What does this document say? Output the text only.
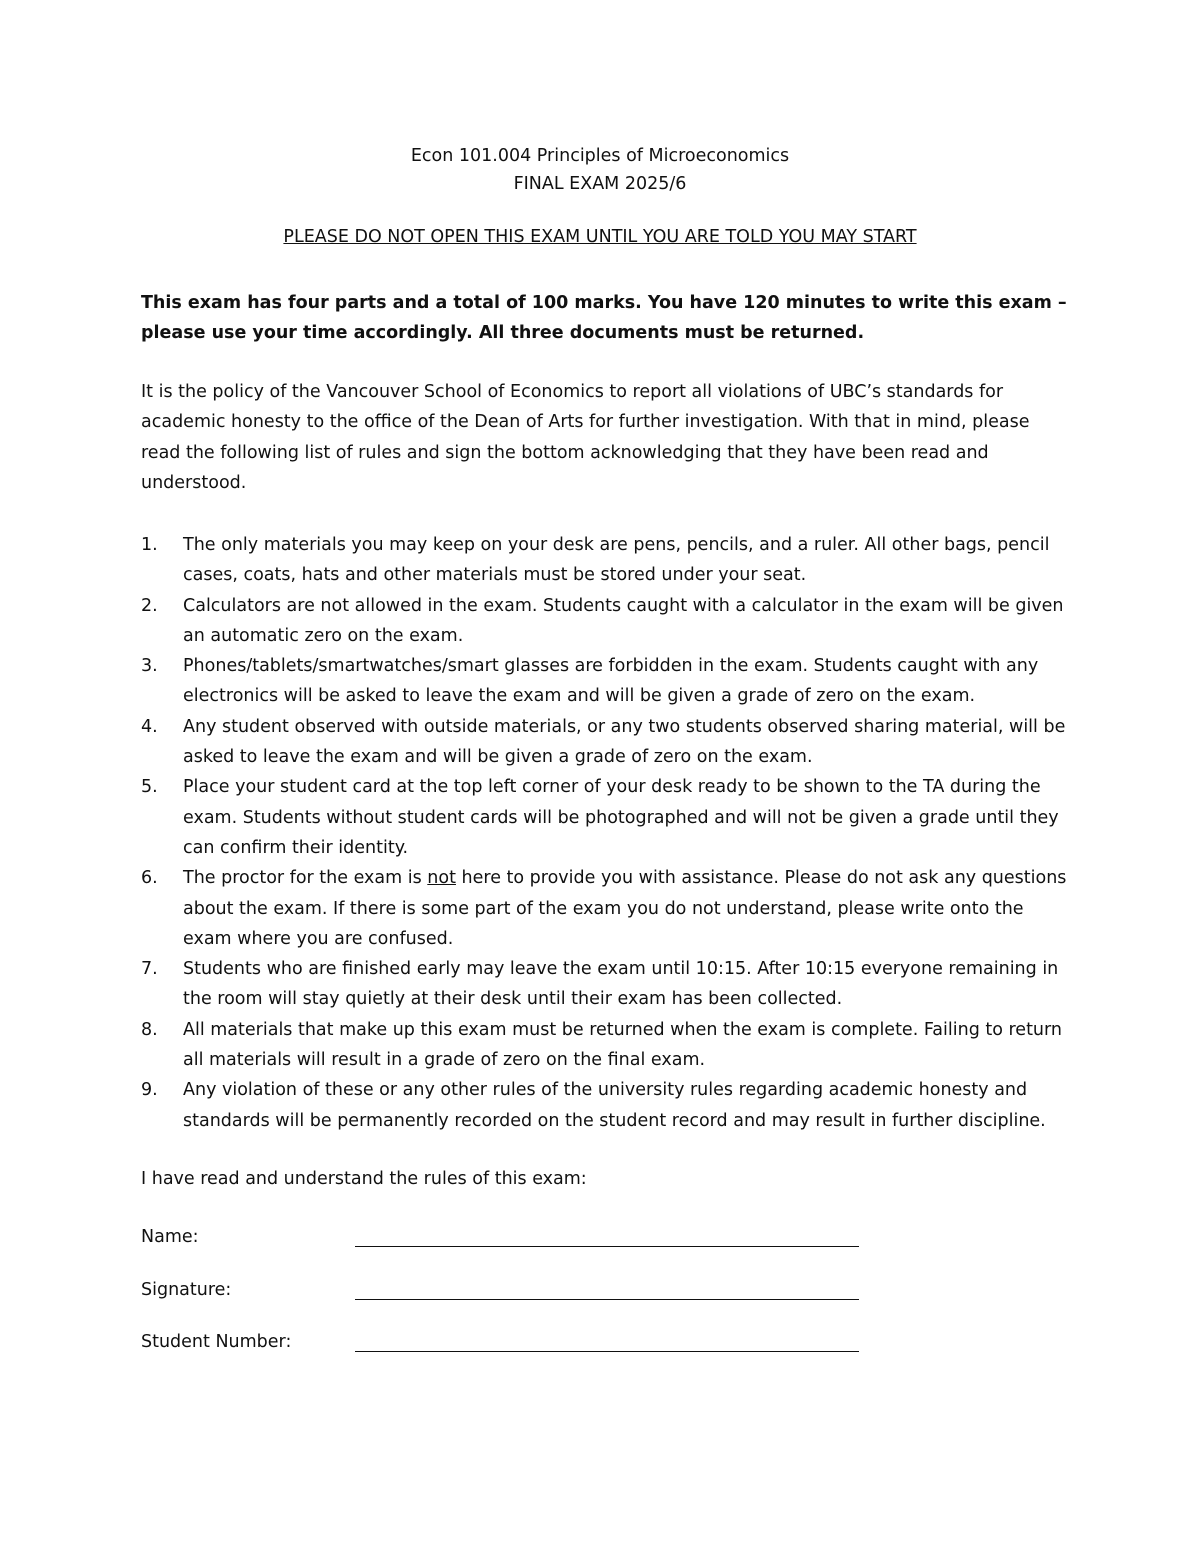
Econ 101.004 Principles of Microeconomics
FINAL EXAM 2025/6
PLEASE DO NOT OPEN THIS EXAM UNTIL YOU ARE TOLD YOU MAY START
This exam has four parts and a total of 100 marks. You have 120 minutes to write this exam – please use your time accordingly. All three documents must be returned.
It is the policy of the Vancouver School of Economics to report all violations of UBC’s standards for academic honesty to the office of the Dean of Arts for further investigation. With that in mind, please read the following list of rules and sign the bottom acknowledging that they have been read and understood.
1. The only materials you may keep on your desk are pens, pencils, and a ruler. All other bags, pencil cases, coats, hats and other materials must be stored under your seat.
2. Calculators are not allowed in the exam. Students caught with a calculator in the exam will be given an automatic zero on the exam.
3. Phones/tablets/smartwatches/smart glasses are forbidden in the exam. Students caught with any electronics will be asked to leave the exam and will be given a grade of zero on the exam.
4. Any student observed with outside materials, or any two students observed sharing material, will be asked to leave the exam and will be given a grade of zero on the exam.
5. Place your student card at the top left corner of your desk ready to be shown to the TA during the exam. Students without student cards will be photographed and will not be given a grade until they can confirm their identity.
6. The proctor for the exam is not here to provide you with assistance. Please do not ask any questions about the exam. If there is some part of the exam you do not understand, please write onto the exam where you are confused.
7. Students who are finished early may leave the exam until 10:15. After 10:15 everyone remaining in the room will stay quietly at their desk until their exam has been collected.
8. All materials that make up this exam must be returned when the exam is complete. Failing to return all materials will result in a grade of zero on the final exam.
9. Any violation of these or any other rules of the university rules regarding academic honesty and standards will be permanently recorded on the student record and may result in further discipline.
I have read and understand the rules of this exam:
Name:
Signature:
Student Number:
